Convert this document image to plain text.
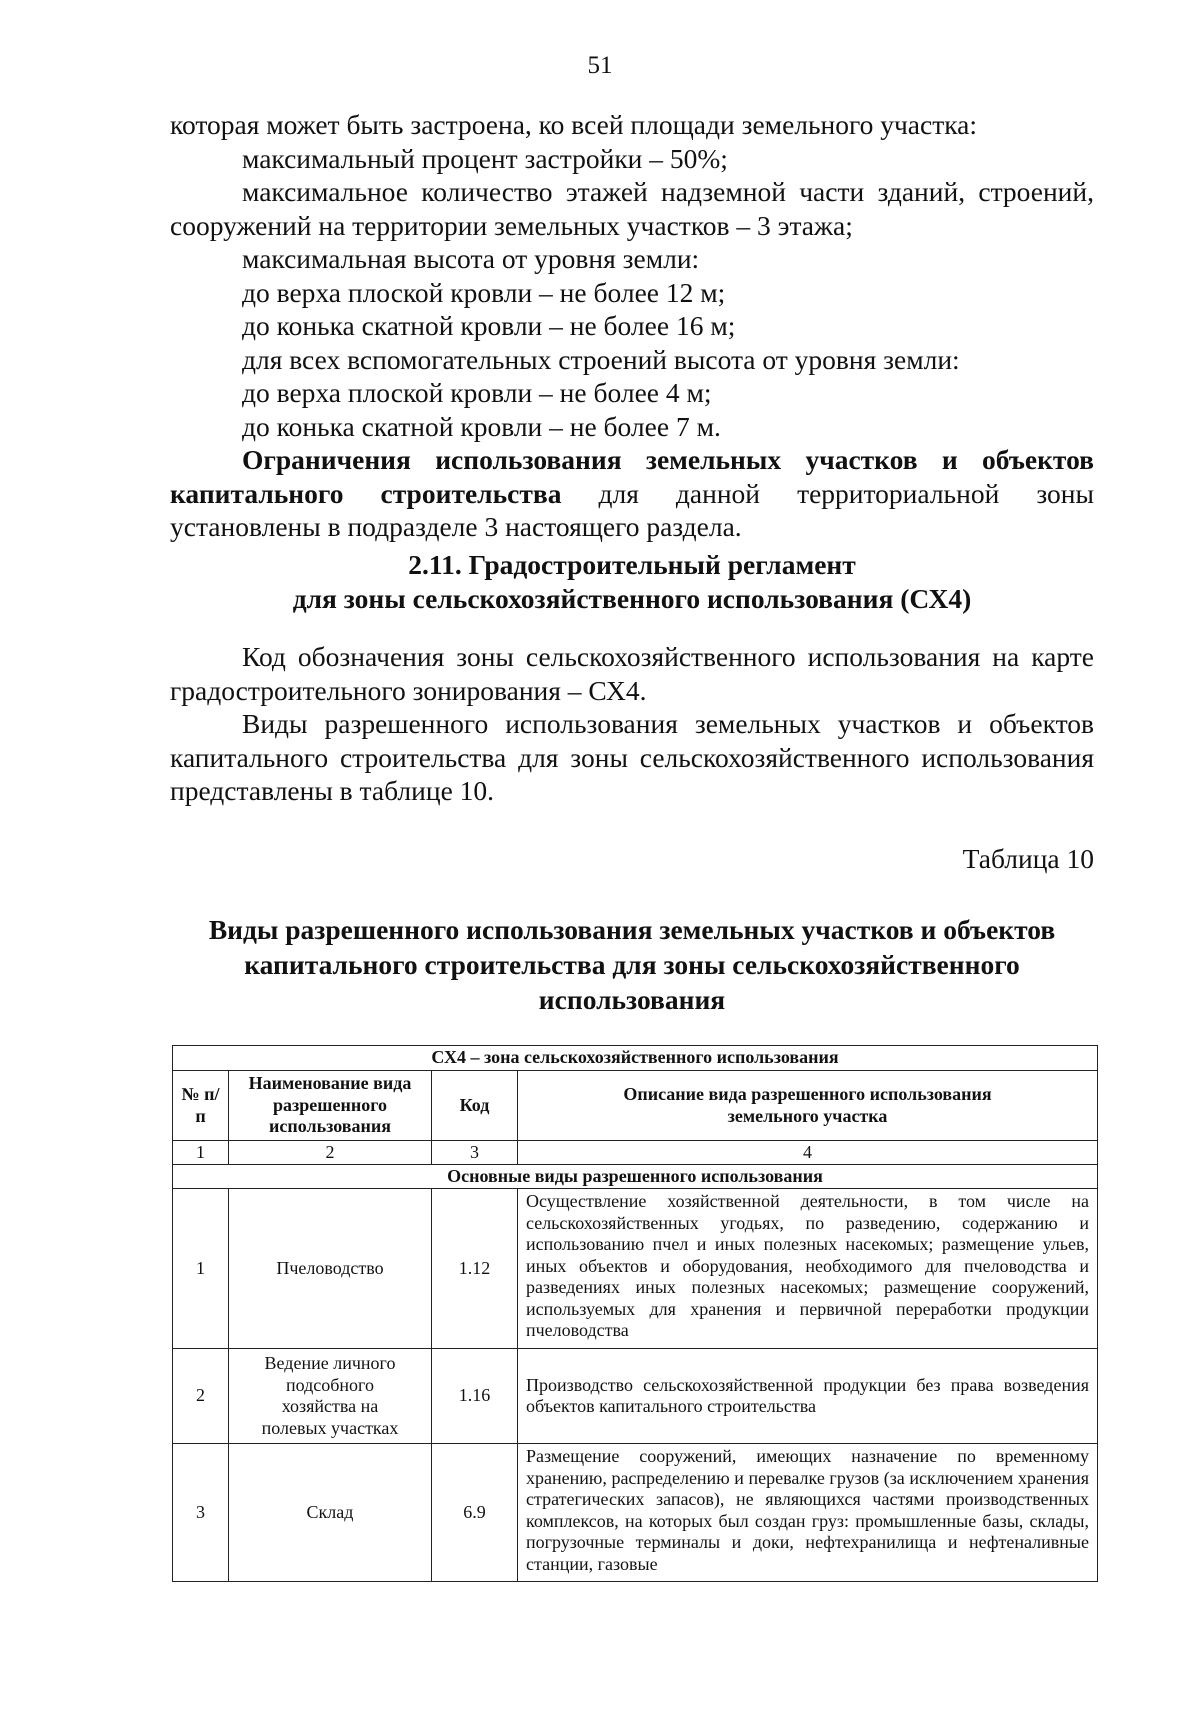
51

которая может быть застроена, ко всей площади земельного участка:

максимальный процент застройки – 50%;

максимальное количество этажей надземной части зданий, строений, сооружений на территории земельных участков – 3 этажа;

максимальная высота от уровня земли:

до верха плоской кровли – не более 12 м;

до конька скатной кровли – не более 16 м;

для всех вспомогательных строений высота от уровня земли:

до верха плоской кровли – не более 4 м;

до конька скатной кровли – не более 7 м.

Ограничения использования земельных участков и объектов капитального строительства для данной территориальной зоны установлены в подразделе 3 настоящего раздела.

2.11. Градостроительный регламент
для зоны сельскохозяйственного использования (СХ4)

Код обозначения зоны сельскохозяйственного использования на карте градостроительного зонирования – СХ4.

Виды разрешенного использования земельных участков и объектов капитального строительства для зоны сельскохозяйственного использования представлены в таблице 10.

Таблица 10
Виды разрешенного использования земельных участков и объектов
капитального строительства для зоны сельскохозяйственного
использования
СХ4 – зона сельскохозяйственного использования			
№ п/п	Наименование вида разрешенного использования	Код	Описание вида разрешенного использования земельного участка
1	2	3	4
Основные виды разрешенного использования			
1	Пчеловодство	1.12	Осуществление хозяйственной деятельности, в том числе на сельскохозяйственных угодьях, по разведению, содержанию и использованию пчел и иных полезных насекомых; размещение ульев, иных объектов и оборудования, необходимого для пчеловодства и разведениях иных полезных насекомых; размещение сооружений, используемых для хранения и первичной переработки продукции пчеловодства
2	Ведение личного подсобного хозяйства на полевых участках	1.16	Производство сельскохозяйственной продукции без права возведения объектов капитального строительства
3	Склад	6.9	Размещение сооружений, имеющих назначение по временному хранению, распределению и перевалке грузов (за исключением хранения стратегических запасов), не являющихся частями производственных комплексов, на которых был создан груз: промышленные базы, склады, погрузочные терминалы и доки, нефтехранилища и нефтеналивные станции, газовые
